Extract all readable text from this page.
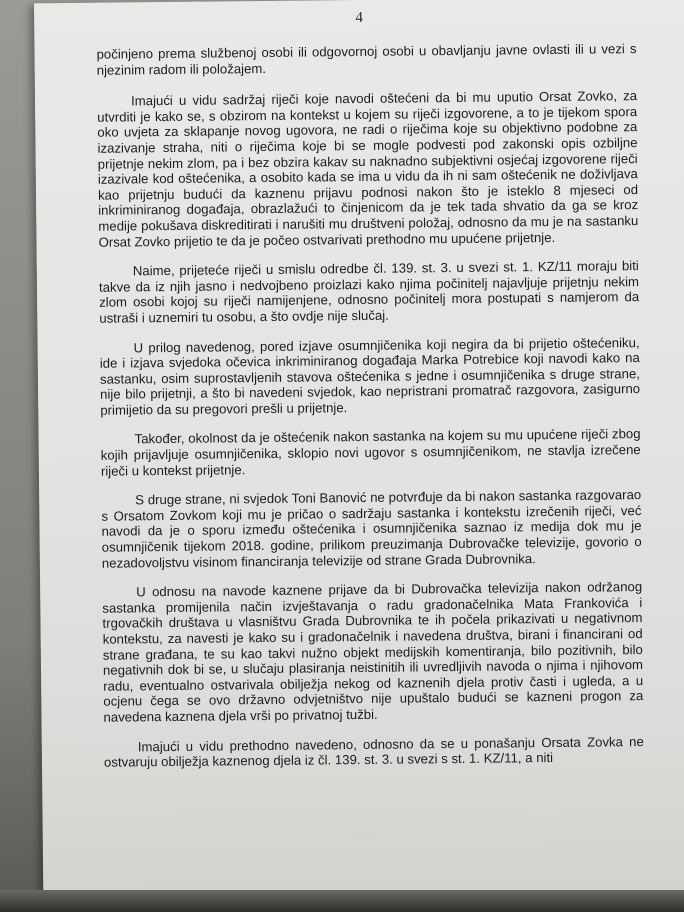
4

počinjeno prema službenoj osobi ili odgovornoj osobi u obavljanju javne ovlasti ili u vezi s njezinim radom ili položajem.

Imajući u vidu sadržaj riječi koje navodi oštećeni da bi mu uputio Orsat Zovko, za utvrditi je kako se, s obzirom na kontekst u kojem su riječi izgovorene, a to je tijekom spora oko uvjeta za sklapanje novog ugovora, ne radi o riječima koje su objektivno podobne za izazivanje straha, niti o riječima koje bi se mogle podvesti pod zakonski opis ozbiljne prijetnje nekim zlom, pa i bez obzira kakav su naknadno subjektivni osjećaj izgovorene riječi izazivale kod oštećenika, a osobito kada se ima u vidu da ih ni sam oštećenik ne doživljava kao prijetnju budući da kaznenu prijavu podnosi nakon što je isteklo 8 mjeseci od inkriminiranog događaja, obrazlažući to činjenicom da je tek tada shvatio da ga se kroz medije pokušava diskreditirati i narušiti mu društveni položaj, odnosno da mu je na sastanku Orsat Zovko prijetio te da je počeo ostvarivati prethodno mu upućene prijetnje.

Naime, prijeteće riječi u smislu odredbe čl. 139. st. 3. u svezi st. 1. KZ/11 moraju biti takve da iz njih jasno i nedvojbeno proizlazi kako njima počinitelj najavljuje prijetnju nekim zlom osobi kojoj su riječi namijenjene, odnosno počinitelj mora postupati s namjerom da ustraši i uznemiri tu osobu, a što ovdje nije slučaj.

U prilog navedenog, pored izjave osumnjičenika koji negira da bi prijetio oštećeniku, ide i izjava svjedoka očevica inkriminiranog događaja Marka Potrebice koji navodi kako na sastanku, osim suprostavljenih stavova oštećenika s jedne i osumnjičenika s druge strane, nije bilo prijetnji, a što bi navedeni svjedok, kao nepristrani promatrač razgovora, zasigurno primijetio da su pregovori prešli u prijetnje.

Također, okolnost da je oštećenik nakon sastanka na kojem su mu upućene riječi zbog kojih prijavljuje osumnjičenika, sklopio novi ugovor s osumnjičenikom, ne stavlja izrečene riječi u kontekst prijetnje.

S druge strane, ni svjedok Toni Banović ne potvrđuje da bi nakon sastanka razgovarao s Orsatom Zovkom koji mu je pričao o sadržaju sastanka i kontekstu izrečenih riječi, već navodi da je o sporu između oštećenika i osumnjičenika saznao iz medija dok mu je osumnjičenik tijekom 2018. godine, prilikom preuzimanja Dubrovačke televizije, govorio o nezadovoljstvu visinom financiranja televizije od strane Grada Dubrovnika.

U odnosu na navode kaznene prijave da bi Dubrovačka televizija nakon održanog sastanka promijenila način izvještavanja o radu gradonačelnika Mata Frankovića i trgovačkih društava u vlasništvu Grada Dubrovnika te ih počela prikazivati u negativnom kontekstu, za navesti je kako su i gradonačelnik i navedena društva, birani i financirani od strane građana, te su kao takvi nužno objekt medijskih komentiranja, bilo pozitivnih, bilo negativnih dok bi se, u slučaju plasiranja neistinitih ili uvredljivih navoda o njima i njihovom radu, eventualno ostvarivala obilježja nekog od kaznenih djela protiv časti i ugleda, a u ocjenu čega se ovo državno odvjetništvo nije upuštalo budući se kazneni progon za navedena kaznena djela vrši po privatnoj tužbi.

Imajući u vidu prethodno navedeno, odnosno da se u ponašanju Orsata Zovka ne ostvaruju obilježja kaznenog djela iz čl. 139. st. 3. u svezi s st. 1. KZ/11, a niti
